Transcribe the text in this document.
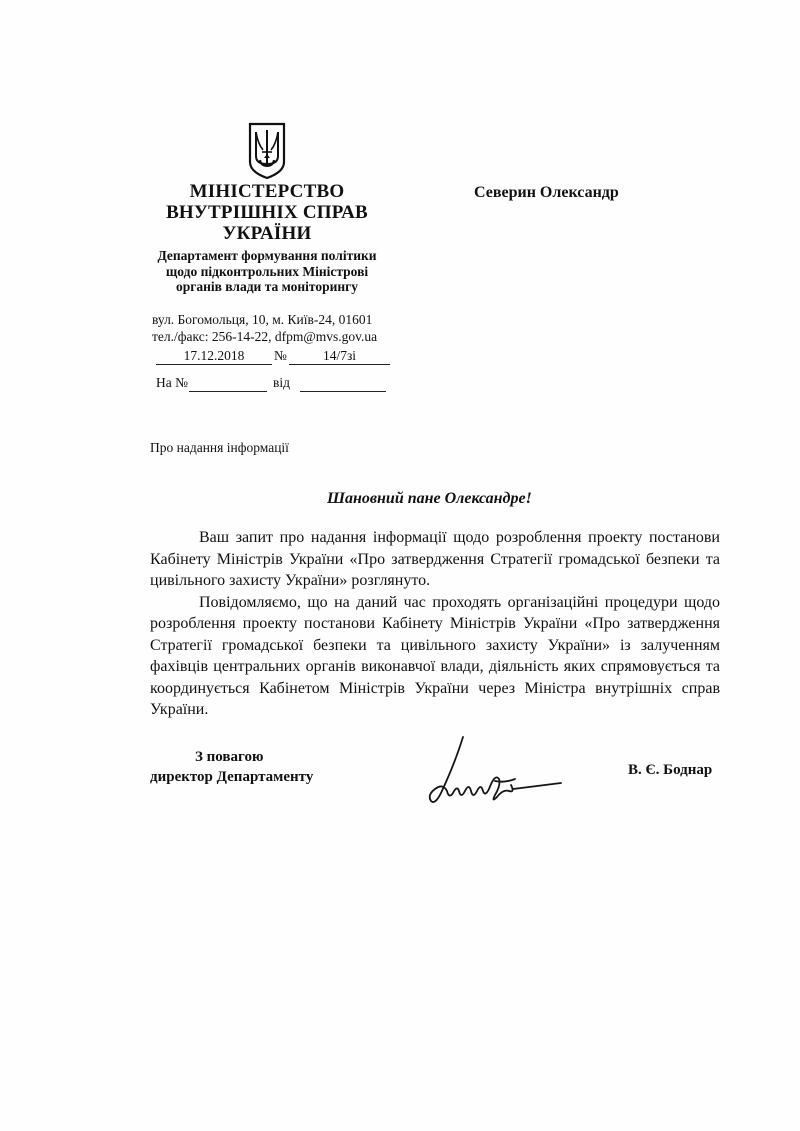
МІНІСТЕРСТВО
ВНУТРІШНІХ СПРАВ
УКРАЇНИ
Департамент формування політики
щодо підконтрольних Міністрові
органів влади та моніторингу
вул. Богомольця, 10, м. Київ-24, 01601
тел./факс: 256-14-22, dfpm@mvs.gov.ua
17.12.2018	№	14/7зі
На №	від
Северин Олександр
Про надання інформації
Шановний пане Олександре!

Ваш запит про надання інформації щодо розроблення проекту постанови Кабінету Міністрів України «Про затвердження Стратегії громадської безпеки та цивільного захисту України» розглянуто.

Повідомляємо, що на даний час проходять організаційні процедури щодо розроблення проекту постанови Кабінету Міністрів України «Про затвердження Стратегії громадської безпеки та цивільного захисту України» із залученням фахівців центральних органів виконавчої влади, діяльність яких спрямовується та координується Кабінетом Міністрів України через Міністра внутрішніх справ України.

З повагою
директор Департаменту	В. Є. Боднар
